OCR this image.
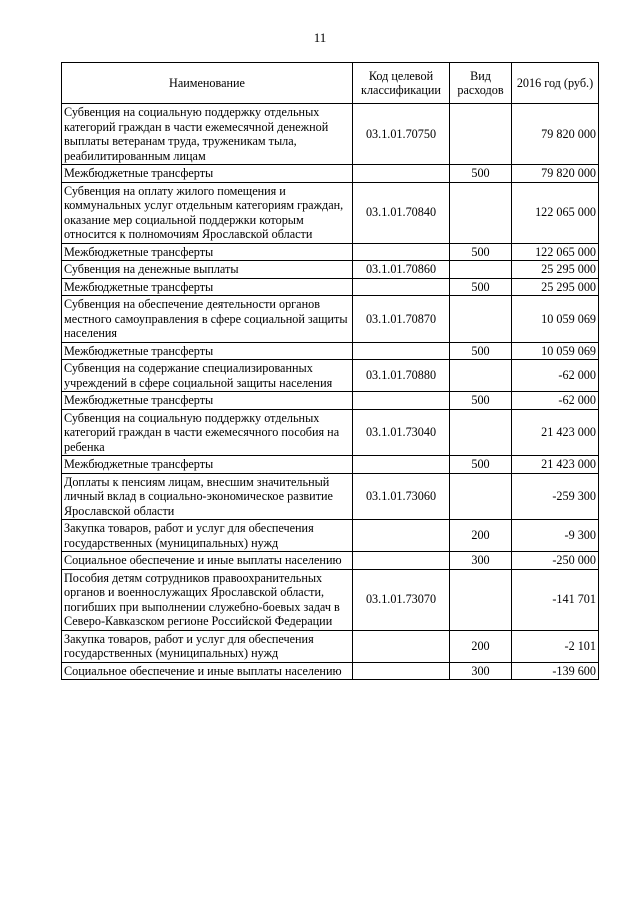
11
Наименование	Код целевой классификации	Вид расходов	2016 год (руб.)
Субвенция на социальную поддержку отдельных категорий граждан в части ежемесячной денежной выплаты ветеранам труда, труженикам тыла, реабилитированным лицам	03.1.01.70750		79 820 000
Межбюджетные трансферты		500	79 820 000
Субвенция на оплату жилого помещения и коммунальных услуг отдельным категориям граждан, оказание мер социальной поддержки которым относится к полномочиям Ярославской области	03.1.01.70840		122 065 000
Межбюджетные трансферты		500	122 065 000
Субвенция на денежные выплаты	03.1.01.70860		25 295 000
Межбюджетные трансферты		500	25 295 000
Субвенция на обеспечение деятельности органов местного самоуправления в сфере социальной защиты населения	03.1.01.70870		10 059 069
Межбюджетные трансферты		500	10 059 069
Субвенция на содержание специализированных учреждений в сфере социальной защиты населения	03.1.01.70880		-62 000
Межбюджетные трансферты		500	-62 000
Субвенция на социальную поддержку отдельных категорий граждан в части ежемесячного пособия на ребенка	03.1.01.73040		21 423 000
Межбюджетные трансферты		500	21 423 000
Доплаты к пенсиям лицам, внесшим значительный личный вклад в социально-экономическое развитие Ярославской области	03.1.01.73060		-259 300
Закупка товаров, работ и услуг для обеспечения государственных (муниципальных) нужд		200	-9 300
Социальное обеспечение и иные выплаты населению		300	-250 000
Пособия детям сотрудников правоохранительных органов и военнослужащих Ярославской области, погибших при выполнении служебно-боевых задач в Северо-Кавказском регионе Российской Федерации	03.1.01.73070		-141 701
Закупка товаров, работ и услуг для обеспечения государственных (муниципальных) нужд		200	-2 101
Социальное обеспечение и иные выплаты населению		300	-139 600
